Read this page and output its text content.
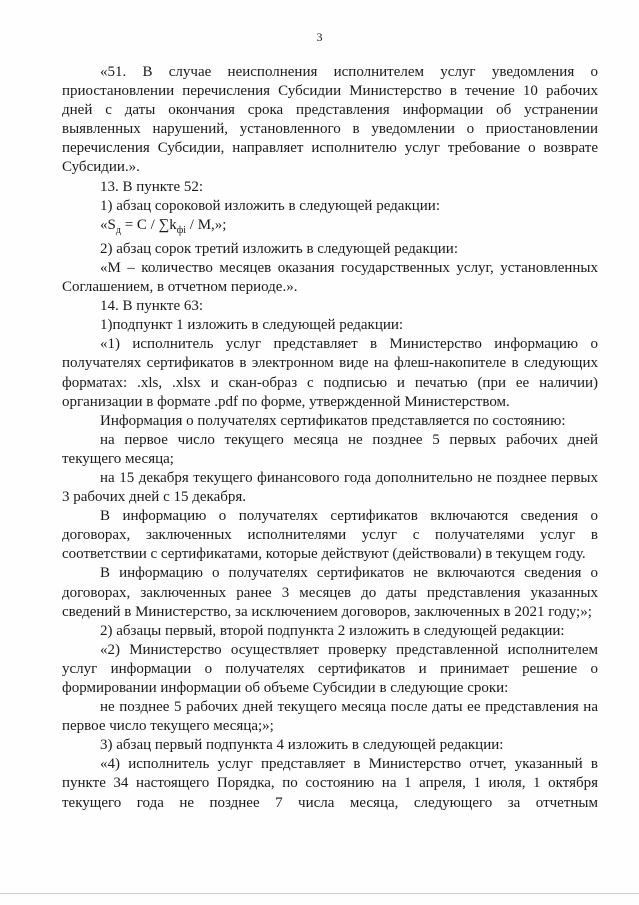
3

«51. В случае неисполнения исполнителем услуг уведомления о приостановлении перечисления Субсидии Министерство в течение 10 рабочих дней с даты окончания срока представления информации об устранении выявленных нарушений, установленного в уведомлении о приостановлении перечисления Субсидии, направляет исполнителю услуг требование о возврате Субсидии.».

13. В пункте 52:

1) абзац сороковой изложить в следующей редакции:

«$S_д = C / \sum k_{фi} / M$,»;

2) абзац сорок третий изложить в следующей редакции:

«М – количество месяцев оказания государственных услуг, установленных Соглашением, в отчетном периоде.».

14. В пункте 63:

1)подпункт 1 изложить в следующей редакции:

«1) исполнитель услуг представляет в Министерство информацию о получателях сертификатов в электронном виде на флеш-накопителе в следующих форматах: .xls, .xlsx и скан-образ с подписью и печатью (при ее наличии) организации в формате .pdf по форме, утвержденной Министерством.

Информация о получателях сертификатов представляется по состоянию:

на первое число текущего месяца не позднее 5 первых рабочих дней текущего месяца;

на 15 декабря текущего финансового года дополнительно не позднее первых 3 рабочих дней с 15 декабря.

В информацию о получателях сертификатов включаются сведения о договорах, заключенных исполнителями услуг с получателями услуг в соответствии с сертификатами, которые действуют (действовали) в текущем году.

В информацию о получателях сертификатов не включаются сведения о договорах, заключенных ранее 3 месяцев до даты представления указанных сведений в Министерство, за исключением договоров, заключенных в 2021 году;»;

2) абзацы первый, второй подпункта 2 изложить в следующей редакции:

«2) Министерство осуществляет проверку представленной исполнителем услуг информации о получателях сертификатов и принимает решение о формировании информации об объеме Субсидии в следующие сроки:

не позднее 5 рабочих дней текущего месяца после даты ее представления на первое число текущего месяца;»;

3) абзац первый подпункта 4 изложить в следующей редакции:

«4) исполнитель услуг представляет в Министерство отчет, указанный в пункте 34 настоящего Порядка, по состоянию на 1 апреля, 1 июля, 1 октября текущего года не позднее 7 числа месяца, следующего за отчетным
